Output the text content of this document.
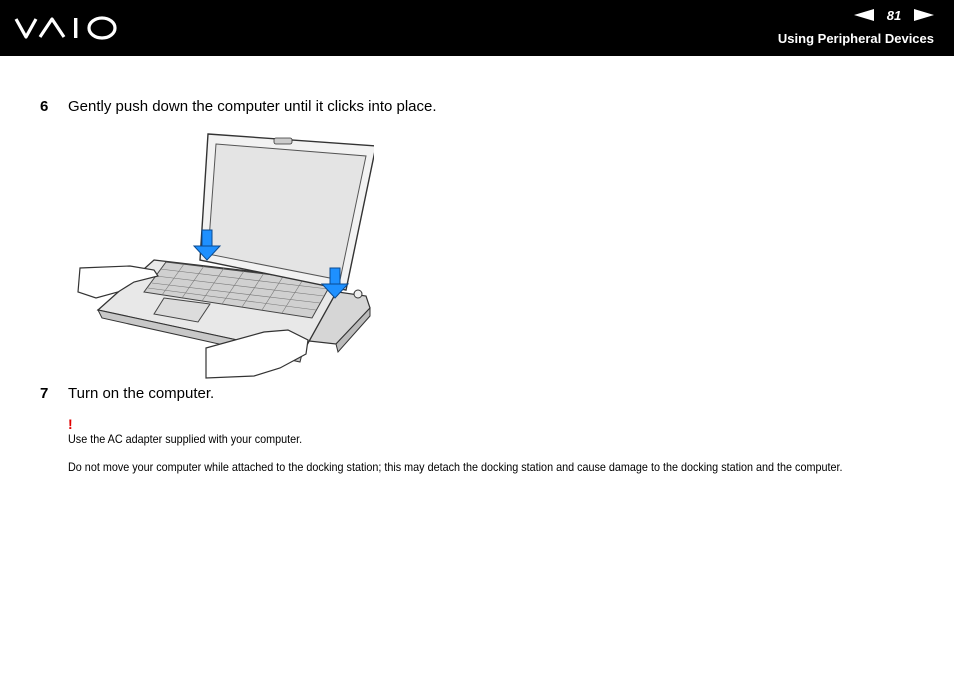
81
Using Peripheral Devices
6	Gently push down the computer until it clicks into place.
7	Turn on the computer.
!
Use the AC adapter supplied with your computer.
Do not move your computer while attached to the docking station; this may detach the docking station and cause damage to the docking station and the computer.
